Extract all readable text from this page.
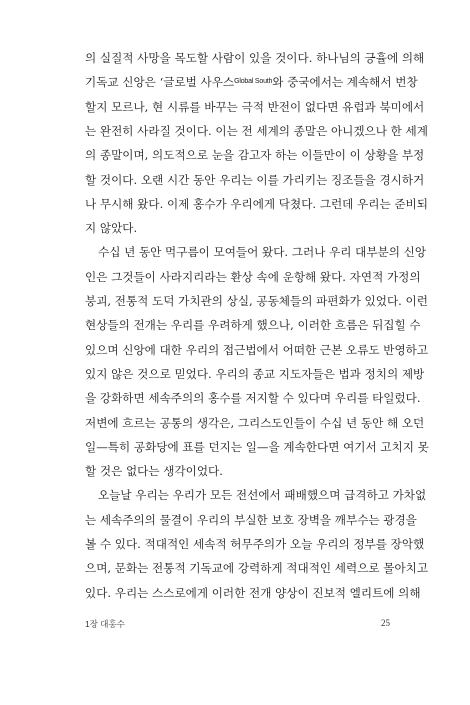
의 실질적 사망을 목도할 사람이 있을 것이다. 하나님의 긍휼에 의해
기독교 신앙은 ‘글로벌 사우스$^{Global South}$와 중국에서는 계속해서 번창
할지 모르나, 현 시류를 바꾸는 극적 반전이 없다면 유럽과 북미에서
는 완전히 사라질 것이다. 이는 전 세계의 종말은 아니겠으나 한 세계
의 종말이며, 의도적으로 눈을 감고자 하는 이들만이 이 상황을 부정
할 것이다. 오랜 시간 동안 우리는 이를 가리키는 징조들을 경시하거
나 무시해 왔다. 이제 홍수가 우리에게 닥쳤다. 그런데 우리는 준비되
지 않았다.
수십 년 동안 먹구름이 모여들어 왔다. 그러나 우리 대부분의 신앙
인은 그것들이 사라지리라는 환상 속에 운항해 왔다. 자연적 가정의
붕괴, 전통적 도덕 가치관의 상실, 공동체들의 파편화가 있었다. 이런
현상들의 전개는 우리를 우려하게 했으나, 이러한 흐름은 뒤집힐 수
있으며 신앙에 대한 우리의 접근법에서 어떠한 근본 오류도 반영하고
있지 않은 것으로 믿었다. 우리의 종교 지도자들은 법과 정치의 제방
을 강화하면 세속주의의 홍수를 저지할 수 있다며 우리를 타일렀다.
저변에 흐르는 공통의 생각은, 그리스도인들이 수십 년 동안 해 오던
일—특히 공화당에 표를 던지는 일—을 계속한다면 여기서 고치지 못
할 것은 없다는 생각이었다.
오늘날 우리는 우리가 모든 전선에서 패배했으며 급격하고 가차없
는 세속주의의 물결이 우리의 부실한 보호 장벽을 깨부수는 광경을
볼 수 있다. 적대적인 세속적 허무주의가 오늘 우리의 정부를 장악했
으며, 문화는 전통적 기독교에 강력하게 적대적인 세력으로 몰아치고
있다. 우리는 스스로에게 이러한 전개 양상이 진보적 엘리트에 의해
1장 대홍수	25
